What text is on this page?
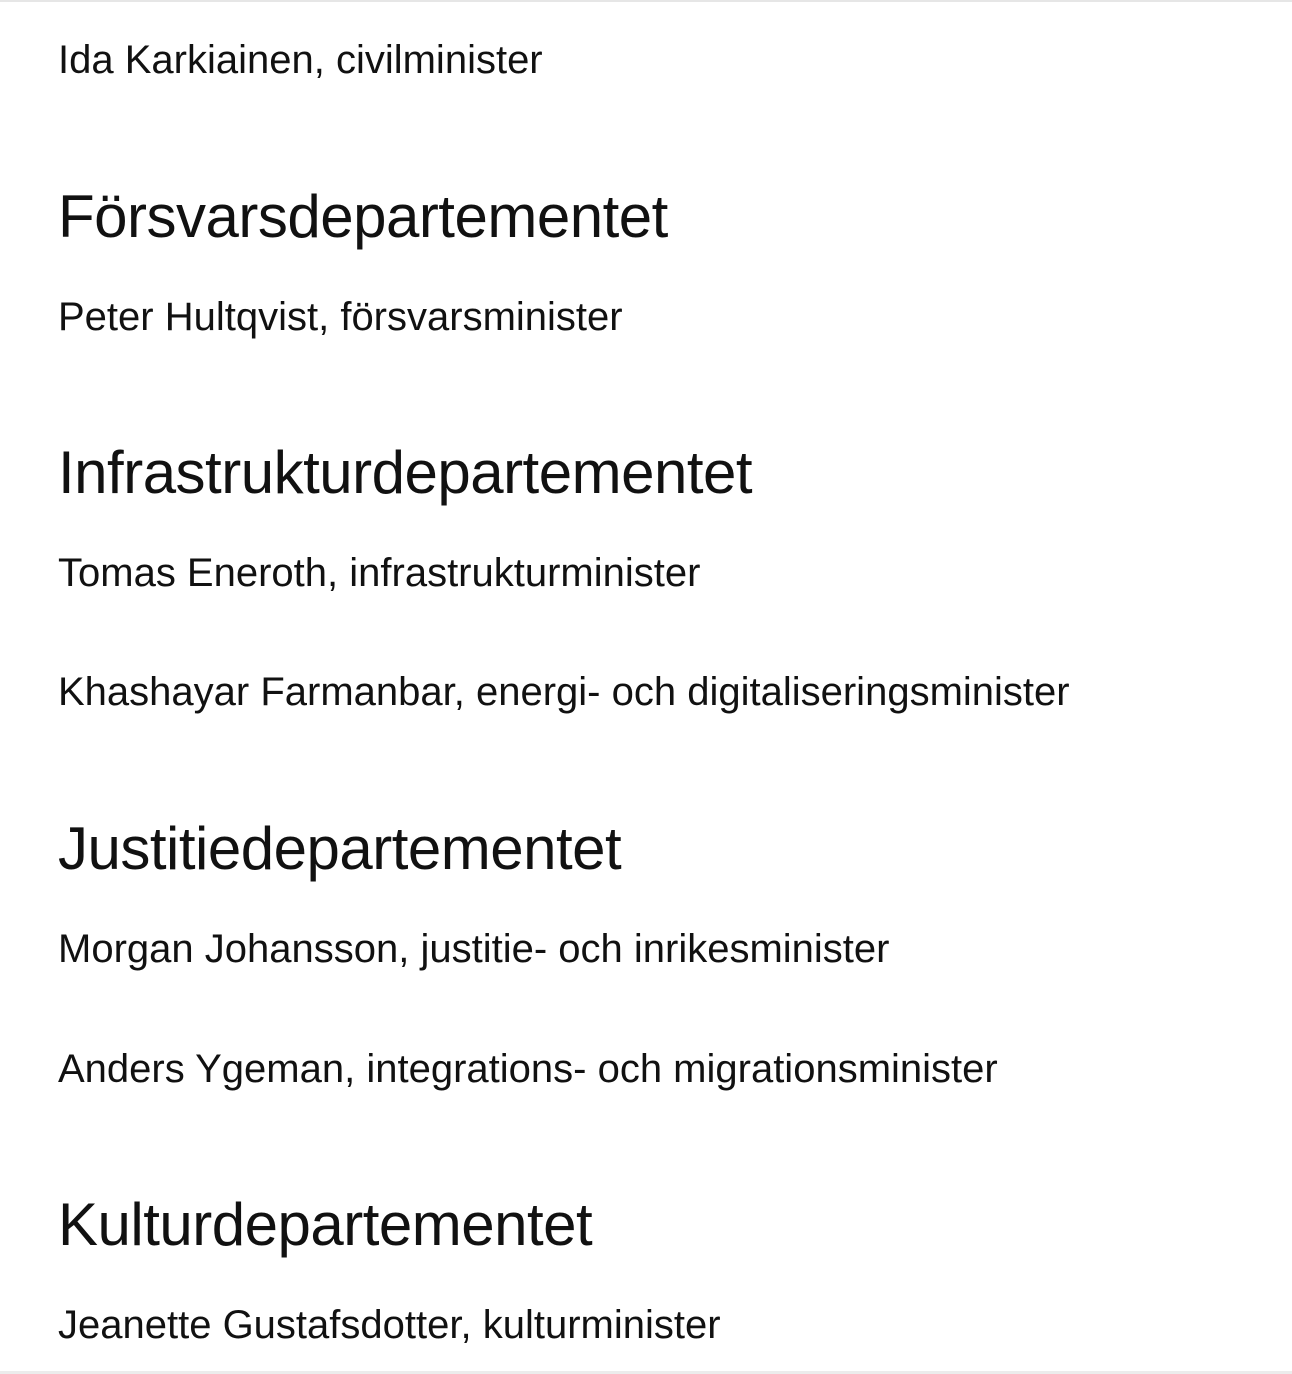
Ida Karkiainen, civilminister
Försvarsdepartementet
Peter Hultqvist, försvarsminister
Infrastrukturdepartementet
Tomas Eneroth, infrastrukturminister
Khashayar Farmanbar, energi- och digitaliseringsminister
Justitiedepartementet
Morgan Johansson, justitie- och inrikesminister
Anders Ygeman, integrations- och migrationsminister
Kulturdepartementet
Jeanette Gustafsdotter, kulturminister
